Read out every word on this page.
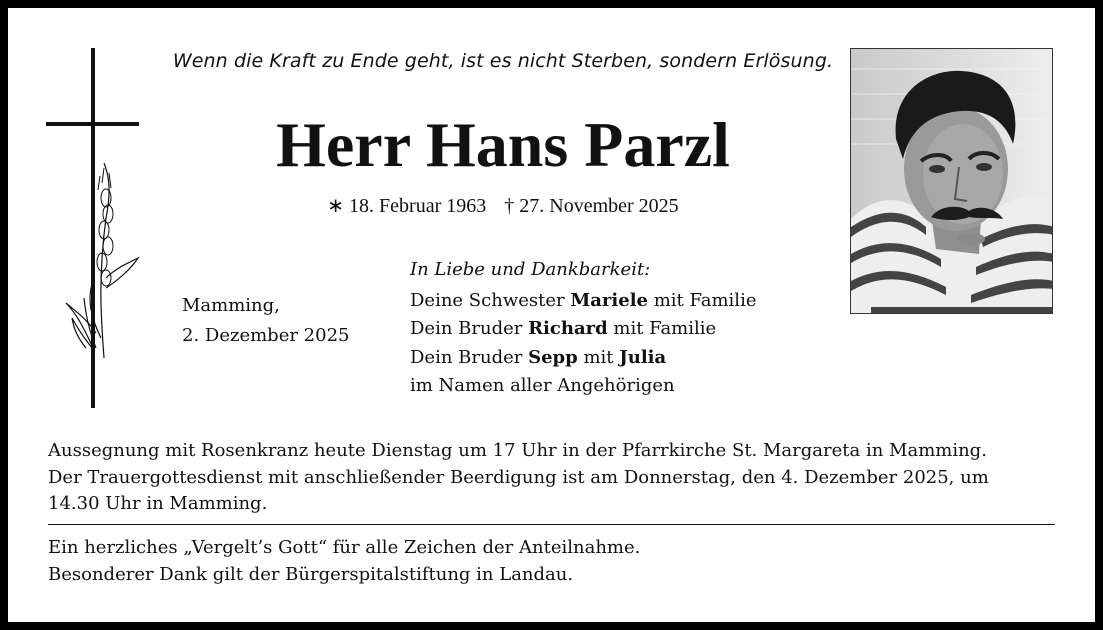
Wenn die Kraft zu Ende geht, ist es nicht Sterben, sondern Erlösung.
Herr Hans Parzl
∗ 18. Februar 1963 † 27. November 2025
Mamming,
2. Dezember 2025
In Liebe und Dankbarkeit:
Deine Schwester Mariele mit Familie
Dein Bruder Richard mit Familie
Dein Bruder Sepp mit Julia
im Namen aller Angehörigen
Aussegnung mit Rosenkranz heute Dienstag um 17 Uhr in der Pfarrkirche St. Margareta in Mamming.
Der Trauergottesdienst mit anschließender Beerdigung ist am Donnerstag, den 4. Dezember 2025, um
14.30 Uhr in Mamming.
Ein herzliches „Vergelt’s Gott“ für alle Zeichen der Anteilnahme.
Besonderer Dank gilt der Bürgerspitalstiftung in Landau.
